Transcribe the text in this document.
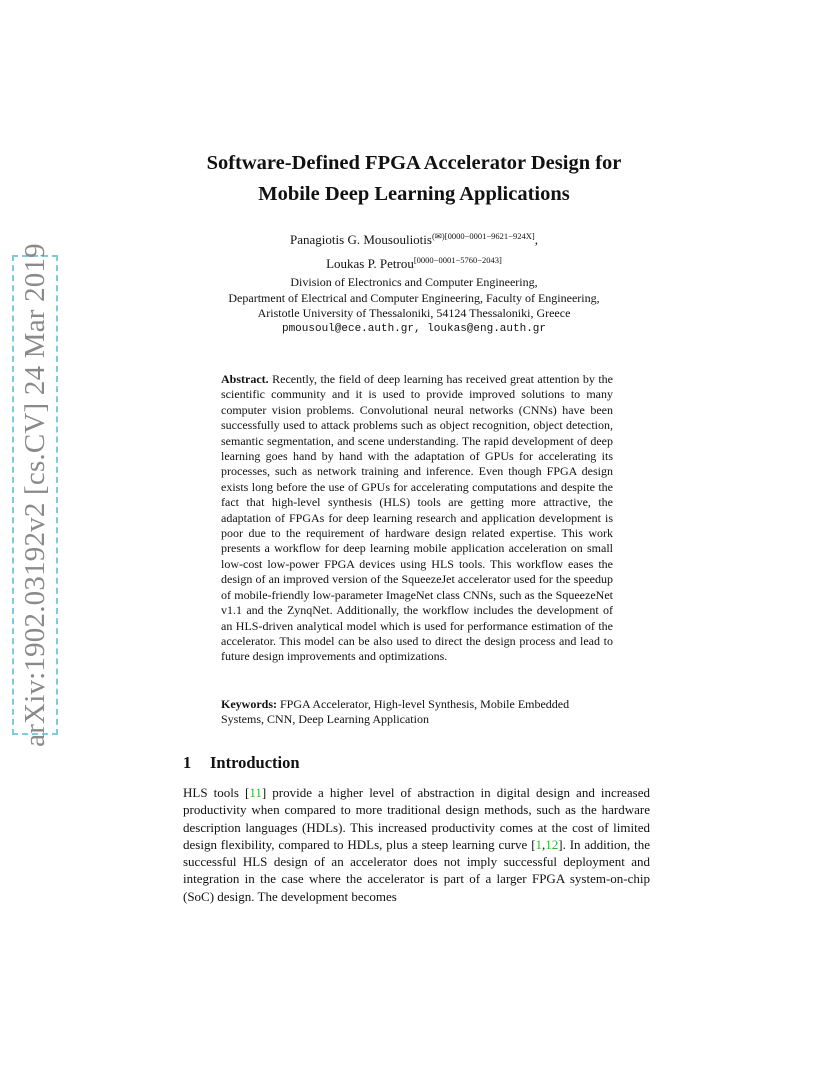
arXiv:1902.03192v2 [cs.CV] 24 Mar 2019
Software-Defined FPGA Accelerator Design for
Mobile Deep Learning Applications
Panagiotis G. Mousouliotis$^{(✉)[0000-0001-9621-924X]}$,
Loukas P. Petrou[0000−0001−5760−2043]
Division of Electronics and Computer Engineering,
Department of Electrical and Computer Engineering, Faculty of Engineering,
Aristotle University of Thessaloniki, 54124 Thessaloniki, Greece
pmousoul@ece.auth.gr, loukas@eng.auth.gr
Abstract. Recently, the field of deep learning has received great attention by the scientific community and it is used to provide improved solutions to many computer vision problems. Convolutional neural networks (CNNs) have been successfully used to attack problems such as object recognition, object detection, semantic segmentation, and scene understanding. The rapid development of deep learning goes hand by hand with the adaptation of GPUs for accelerating its processes, such as network training and inference. Even though FPGA design exists long before the use of GPUs for accelerating computations and despite the fact that high-level synthesis (HLS) tools are getting more attractive, the adaptation of FPGAs for deep learning research and application development is poor due to the requirement of hardware design related expertise. This work presents a workflow for deep learning mobile application acceleration on small low-cost low-power FPGA devices using HLS tools. This workflow eases the design of an improved version of the SqueezeJet accelerator used for the speedup of mobile-friendly low-parameter ImageNet class CNNs, such as the SqueezeNet v1.1 and the ZynqNet. Additionally, the workflow includes the development of an HLS-driven analytical model which is used for performance estimation of the accelerator. This model can be also used to direct the design process and lead to future design improvements and optimizations.
Keywords: FPGA Accelerator, High-level Synthesis, Mobile Embedded Systems, CNN, Deep Learning Application
1 Introduction
HLS tools [11] provide a higher level of abstraction in digital design and increased productivity when compared to more traditional design methods, such as the hardware description languages (HDLs). This increased productivity comes at the cost of limited design flexibility, compared to HDLs, plus a steep learning curve [1,12]. In addition, the successful HLS design of an accelerator does not imply successful deployment and integration in the case where the accelerator is part of a larger FPGA system-on-chip (SoC) design. The development becomes
